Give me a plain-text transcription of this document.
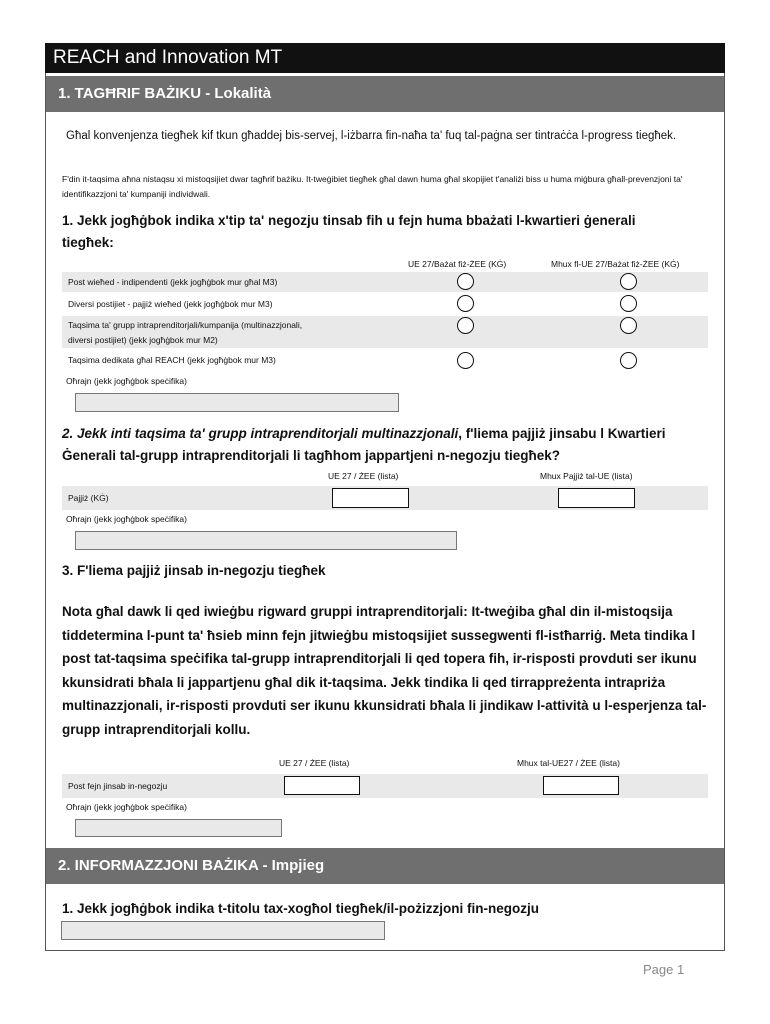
REACH and Innovation MT
1. TAGĦRIF BAŻIKU - Lokalità
Għal konvenjenza tiegħek kif tkun għaddej bis-servej, l-iżbarra fin-naħa ta' fuq tal-paġna ser tintraċċa l-progress tiegħek.
F'din it-taqsima aħna nistaqsu xi mistoqsijiet dwar tagħrif bażiku. It-tweġibiet tiegħek għal dawn huma għal skopijiet t'analiżi biss u huma miġbura għall-prevenzjoni ta' identifikazzjoni ta' kumpaniji individwali.
1. Jekk jogħġbok indika x'tip ta' negozju tinsab fih u fejn huma bbażati l-kwartieri ġenerali tiegħek:
UE 27/Bażat fiż-ŻEE (KĠ)	Mhux fl-UE 27/Bażat fiż-ŻEE (KĠ)
Post wieħed - indipendenti (jekk jogħġbok mur għal M3)
Diversi postijiet - pajjiż wieħed (jekk jogħġbok mur M3)
Taqsima ta' grupp intraprenditorjali/kumpanija (multinazzjonali,
diversi postijiet) (jekk jogħġbok mur M2)
Taqsima dedikata għal REACH (jekk jogħġbok mur M3)
Oħrajn (jekk jogħġbok speċifika)
2. Jekk inti taqsima ta' grupp intraprenditorjali multinazzjonali, f'liema pajjiż jinsabu l Kwartieri Ġenerali tal-grupp intraprenditorjali li tagħhom jappartjeni n-negozju tiegħek?
UE 27 / ŻEE (lista)	Mhux Pajjiż tal-UE (lista)
Pajjiż (KĠ)
Oħrajn (jekk jogħġbok speċifika)
3. F'liema pajjiż jinsab in-negozju tiegħek
Nota għal dawk li qed iwieġbu rigward gruppi intraprenditorjali: It-tweġiba għal din il-mistoqsija tiddetermina l-punt ta' ħsieb minn fejn jitwieġbu mistoqsijiet sussegwenti fl-istħarriġ. Meta tindika l post tat-taqsima speċifika tal-grupp intraprenditorjali li qed topera fih, ir-risposti provduti ser ikunu kkunsidrati bħala li jappartjenu għal dik it-taqsima. Jekk tindika li qed tirrappreżenta intrapriża multinazzjonali, ir-risposti provduti ser ikunu kkunsidrati bħala li jindikaw l-attività u l-esperjenza tal-grupp intraprenditorjali kollu.
UE 27 / ŻEE (lista)	Mhux tal-UE27 / ŻEE (lista)
Post fejn jinsab in-negozju
Oħrajn (jekk jogħġbok speċifika)
2. INFORMAZZJONI BAŻIKA - Impjieg
1. Jekk jogħġbok indika t-titolu tax-xogħol tiegħek/il-pożizzjoni fin-negozju
Page 1
